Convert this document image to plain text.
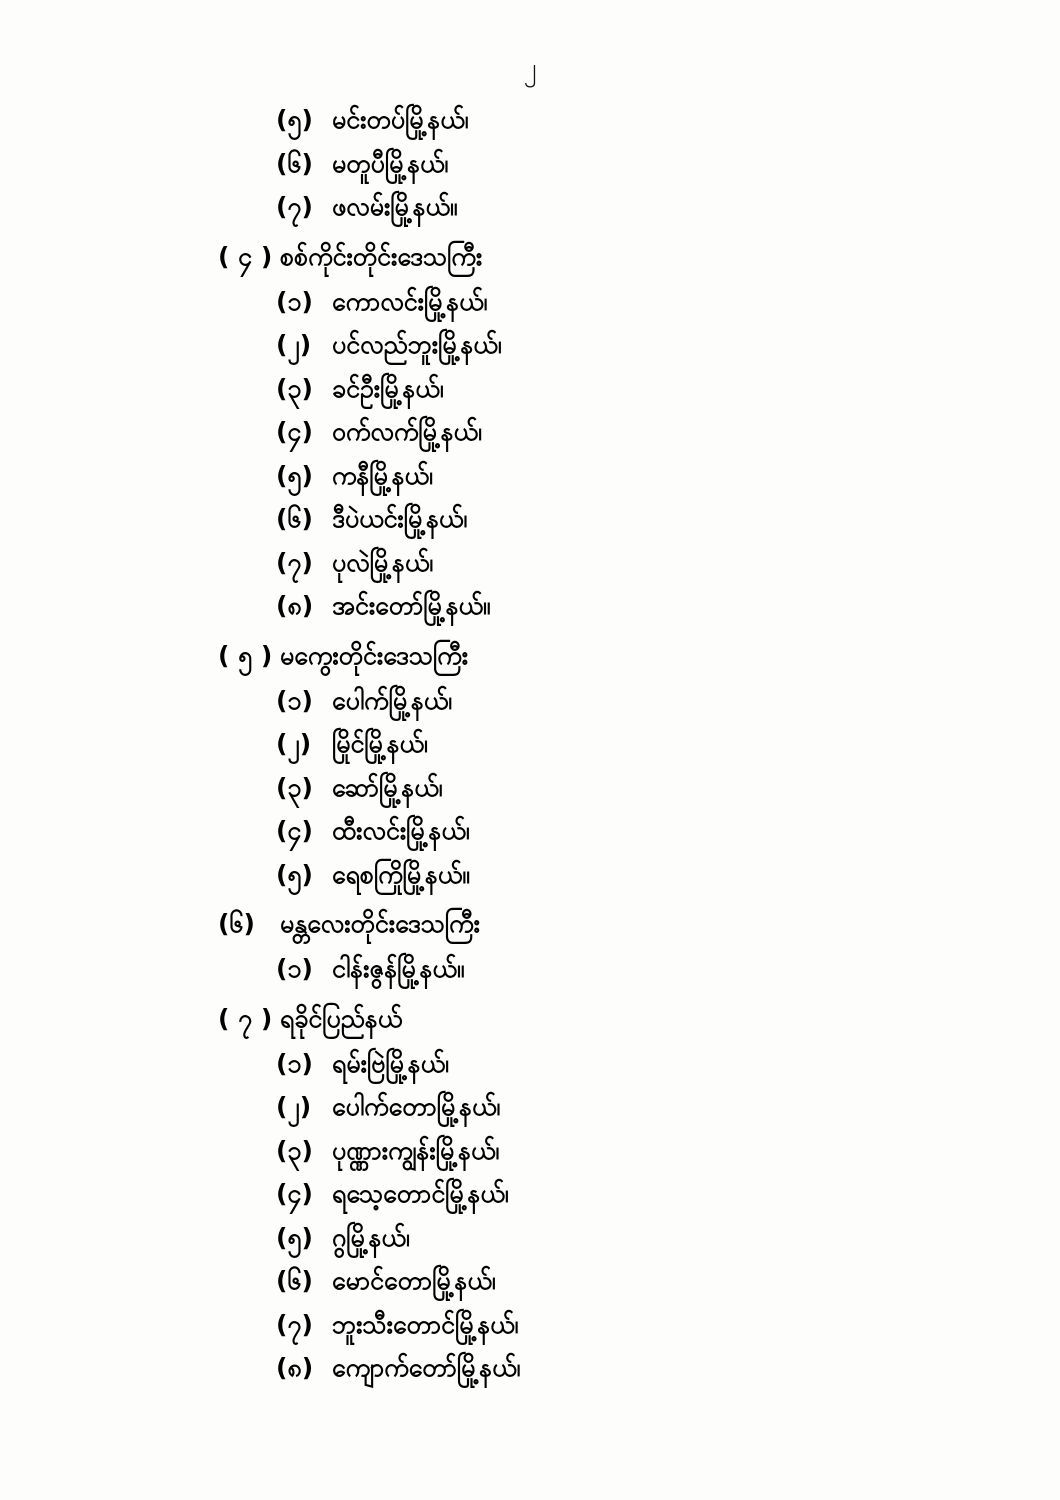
၂
(၅) မင်းတပ်မြို့နယ်၊
(၆) မတူပီမြို့နယ်၊
(၇) ဖလမ်းမြို့နယ်။
( ၄ ) စစ်ကိုင်းတိုင်းဒေသကြီး
(၁) ကောလင်းမြို့နယ်၊
(၂) ပင်လည်ဘူးမြို့နယ်၊
(၃) ခင်ဦးမြို့နယ်၊
(၄) ဝက်လက်မြို့နယ်၊
(၅) ကနီမြို့နယ်၊
(၆) ဒီပဲယင်းမြို့နယ်၊
(၇) ပုလဲမြို့နယ်၊
(၈) အင်းတော်မြို့နယ်။
( ၅ ) မကွေးတိုင်းဒေသကြီး
(၁) ပေါက်မြို့နယ်၊
(၂) မြိုင်မြို့နယ်၊
(၃) ဆော်မြို့နယ်၊
(၄) ထီးလင်းမြို့နယ်၊
(၅) ရေစကြိုမြို့နယ်။
(၆)	မန္တလေးတိုင်းဒေသကြီး
(၁) ငါန်းဇွန်မြို့နယ်။
( ၇ ) ရခိုင်ပြည်နယ်
(၁) ရမ်းဗြဲမြို့နယ်၊
(၂) ပေါက်တောမြို့နယ်၊
(၃) ပုဏ္ဏားကျွန်းမြို့နယ်၊
(၄) ရသေ့တောင်မြို့နယ်၊
(၅) ဂွမြို့နယ်၊
(၆) မောင်တောမြို့နယ်၊
(၇) ဘူးသီးတောင်မြို့နယ်၊
(၈) ကျောက်တော်မြို့နယ်၊
